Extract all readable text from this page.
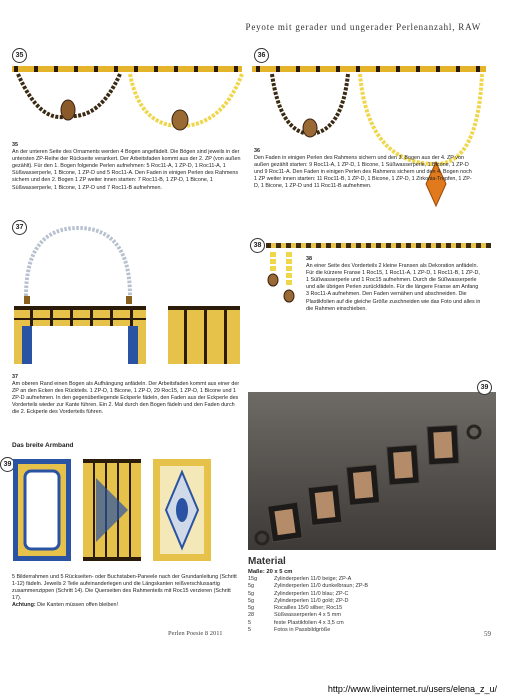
Peyote mit gerader und ungerader Perlenanzahl, RAW
35
35
An der unteren Seite des Ornaments werden 4 Bogen angefädelt. Die Bögen sind jeweils in der untersten ZP-Reihe der Rückseite verankert. Der Arbeitsfaden kommt aus der 2. ZP (von außen gezählt). Für den 1. Bogen folgende Perlen aufnehmen: 5 Roc11-A, 1 ZP-D, 1 Roc11-A, 1 Süßwasserperle, 1 Bicone, 1 ZP-D und 5 Roc11-A. Den Faden in einigen Perlen des Rahmens sichern und den 2. Bogen 1 ZP weiter innen starten: 7 Roc11-B, 1 ZP-D, 1 Bicone, 1 Süßwasserperle, 1 Bicone, 1 ZP-D und 7 Roc11-B aufnehmen.
36
36
Den Faden in einigen Perlen des Rahmens sichern und den 3. Bogen aus der 4. ZP von außen gezählt starten: 9 Roc11-A, 1 ZP-D, 1 Bicone, 1 Süßwasserperle, 1 Bicone, 1 ZP-D und 9 Roc11-A. Den Faden in einigen Perlen des Rahmens sichern und den 4. Bogen noch 1 ZP weiter innen starten: 11 Roc11-B, 1 ZP-D, 1 Bicone, 1 ZP-D, 1 Zirkonia-Tropfen, 1 ZP-D, 1 Bicone, 1 ZP-D und 11 Roc11-B aufnehmen.
37
37
Am oberen Rand einen Bogen als Aufhängung anfädeln. Der Arbeitsfaden kommt aus einer der ZP an den Ecken des Rückteils. 1 ZP-D, 1 Bicone, 1 ZP-D, 29 Roc15, 1 ZP-D, 1 Bicone und 1 ZP-D aufnehmen. In den gegenüberliegende Eckperle fädeln, den Faden aus der Eckperle des Vorderteils wieder zur Kante führen. Ein 2. Mal durch den Bogen fädeln und den Faden durch die 2. Eckperle des Vorderteils führen.
38
38
An einer Seite des Vorderteils 2 kleine Fransen als Dekoration anfädeln. Für die kürzere Franse 1 Roc15, 1 Roc11-A, 1 ZP-D, 1 Roc11-B, 1 ZP-D, 1 Süßwasserperle und 1 Roc15 aufnehmen. Durch die Süßwasserperle und alle übrigen Perlen zurückfädeln. Für die längere Franse am Anfang 3 Roc11-A aufnehmen. Den Faden vernähen und abschneiden. Die Plastikfolien auf die gleiche Größe zuschneiden wie das Foto und alles in die Rahmen einschieben.
Das breite Armband
39
5 Bilderrahmen und 5 Rückseiten- oder Buchstaben-Paneele nach der Grundanleitung (Schritt 1-12) fädeln. Jeweils 2 Teile aufeinanderlegen und die Längskanten reißverschlussartig zusammenzippen (Schritt 14). Die Querseiten des Rahmenteils mit Roc15 verzieren (Schritt 17).
Achtung: Die Kanten müssen offen bleiben!
39
Material
Maße: 20 x 5 cm
15g	Zylinderperlen 11/0 beige; ZP-A
5g	Zylinderperlen 11/0 dunkelbraun; ZP-B
5g	Zylinderperlen 11/0 blau; ZP-C
5g	Zylinderperlen 11/0 gold; ZP-D
5g	Rocailles 15/0 silber; Roc15
28	Süßwasserperlen 4 x 5 mm
5	feste Plastikfolien 4 x 3,5 cm
5	Fotos in Passbildgröße
Perlen Poesie 8 2011	59
http://www.liveinternet.ru/users/elena_z_u/
